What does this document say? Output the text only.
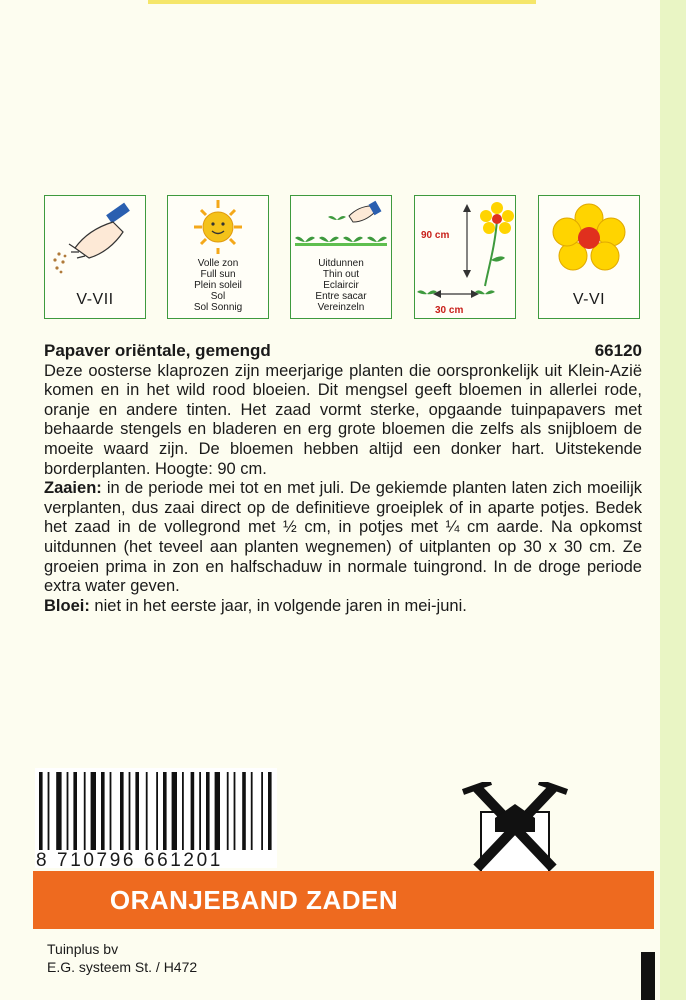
V-VII
Volle zon
Full sun
Plein soleil
Sol
Sol Sonnig
Uitdunnen
Thin out
Eclaircir
Entre sacar
Vereinzeln
90 cm
30 cm
V-VI
Papaver oriëntale, gemengd	66120
Deze oosterse klaprozen zijn meerjarige planten die oorspronkelijk uit Klein-Azië komen en in het wild rood bloeien. Dit mengsel geeft bloemen in allerlei rode, oranje en andere tinten. Het zaad vormt sterke, opgaande tuinpapavers met behaarde stengels en bladeren en erg grote bloemen die zelfs als snijbloem de moeite waard zijn. De bloemen hebben altijd een donker hart. Uitstekende borderplanten. Hoogte: 90 cm.
Zaaien: in de periode mei tot en met juli. De gekiemde planten laten zich moeilijk verplanten, dus zaai direct op de definitieve groeiplek of in aparte potjes. Bedek het zaad in de vollegrond met ½ cm, in potjes met ¼ cm aarde. Na opkomst uitdunnen (het teveel aan planten wegnemen) of uitplanten op 30 x 30 cm. Ze groeien prima in zon en halfschaduw in normale tuingrond. In de droge periode extra water geven.
Bloei: niet in het eerste jaar, in volgende jaren in mei-juni.
8 710796 661201
ORANJEBAND ZADEN
Tuinplus bv
E.G. systeem St. / H472
